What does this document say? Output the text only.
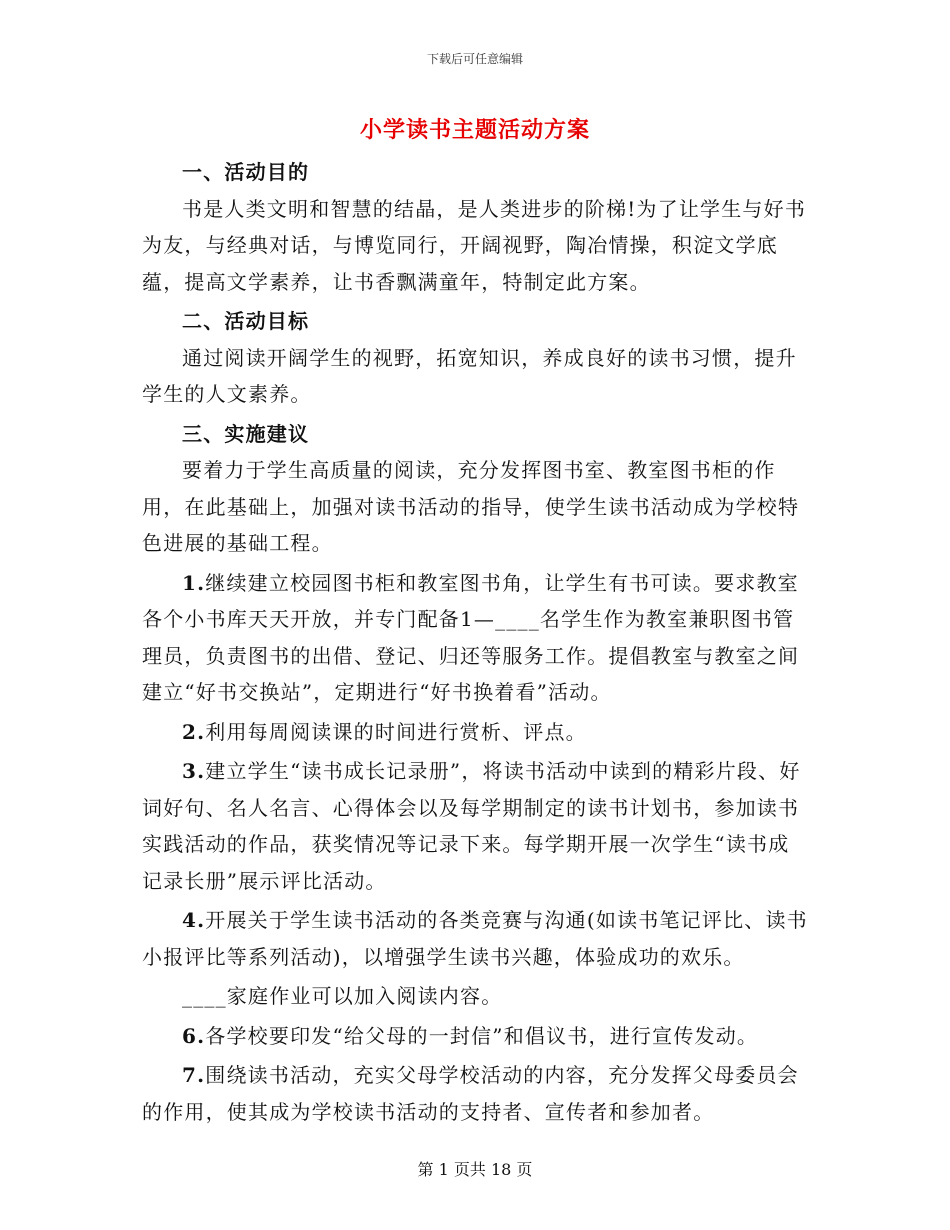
下载后可任意编辑
小学读书主题活动方案
一、活动目的

书是人类文明和智慧的结晶，是人类进步的阶梯!为了让学生与好书为友，与经典对话，与博览同行，开阔视野，陶冶情操，积淀文学底蕴，提高文学素养，让书香飘满童年，特制定此方案。

二、活动目标

通过阅读开阔学生的视野，拓宽知识，养成良好的读书习惯，提升学生的人文素养。

三、实施建议

要着力于学生高质量的阅读，充分发挥图书室、教室图书柜的作用，在此基础上，加强对读书活动的指导，使学生读书活动成为学校特色进展的基础工程。

1.继续建立校园图书柜和教室图书角，让学生有书可读。要求教室各个小书库天天开放，并专门配备1—____名学生作为教室兼职图书管理员，负责图书的出借、登记、归还等服务工作。提倡教室与教室之间建立“好书交换站”，定期进行“好书换着看”活动。

2.利用每周阅读课的时间进行赏析、评点。

3.建立学生“读书成长记录册”，将读书活动中读到的精彩片段、好词好句、名人名言、心得体会以及每学期制定的读书计划书，参加读书实践活动的作品，获奖情况等记录下来。每学期开展一次学生“读书成记录长册”展示评比活动。

4.开展关于学生读书活动的各类竞赛与沟通(如读书笔记评比、读书小报评比等系列活动)，以增强学生读书兴趣，体验成功的欢乐。

____家庭作业可以加入阅读内容。

6.各学校要印发“给父母的一封信”和倡议书，进行宣传发动。

7.围绕读书活动，充实父母学校活动的内容，充分发挥父母委员会的作用，使其成为学校读书活动的支持者、宣传者和参加者。

第 1 页共 18 页
